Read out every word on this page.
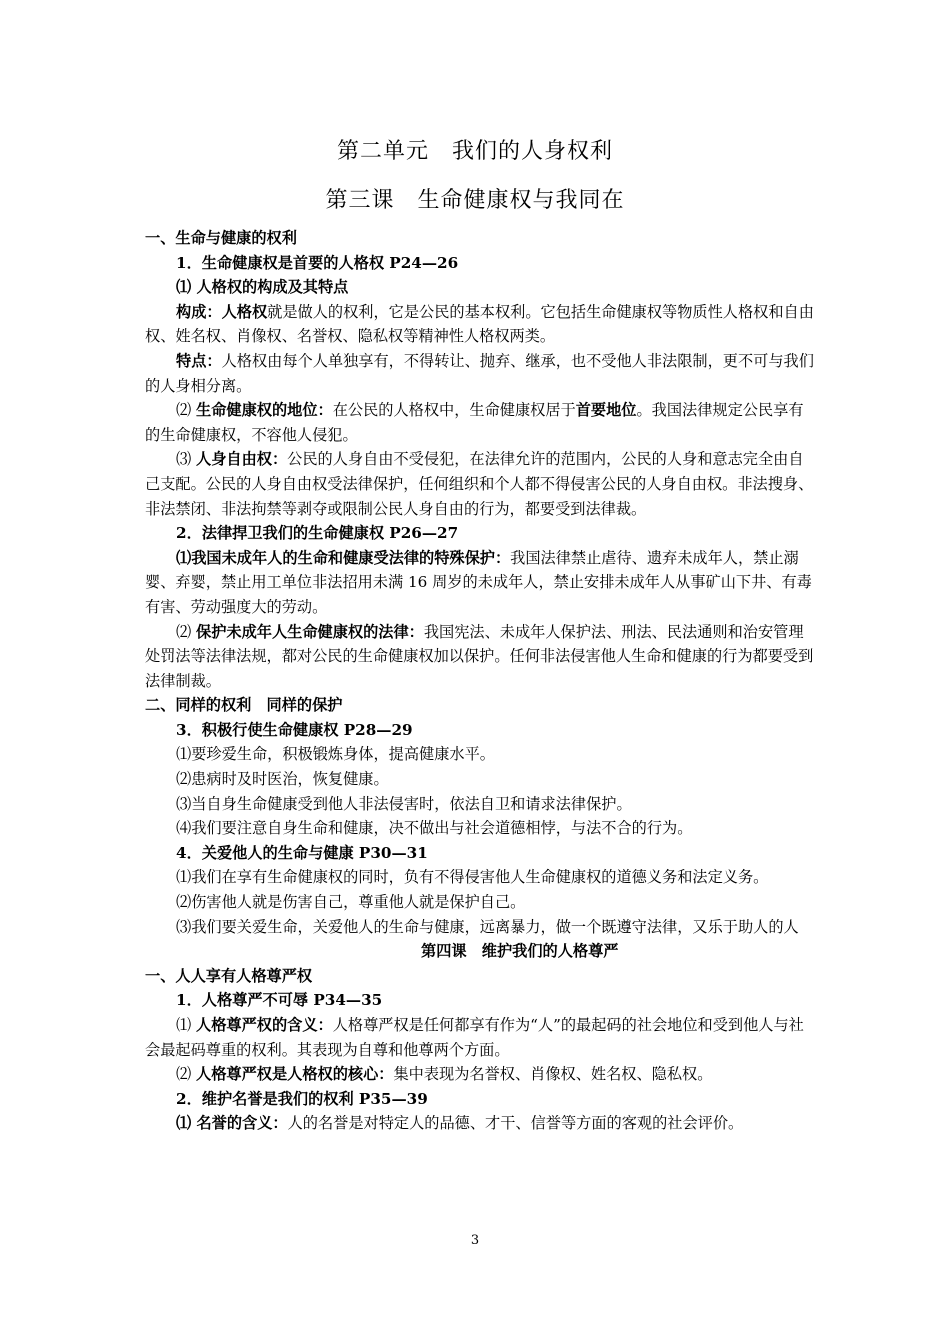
第二单元　我们的人身权利
第三课　生命健康权与我同在

一、生命与健康的权利

1．生命健康权是首要的人格权 P24—26

⑴ 人格权的构成及其特点

构成：人格权就是做人的权利，它是公民的基本权利。它包括生命健康权等物质性人格权和自由权、姓名权、肖像权、名誉权、隐私权等精神性人格权两类。

特点：人格权由每个人单独享有，不得转让、抛弃、继承，也不受他人非法限制，更不可与我们的人身相分离。

⑵ 生命健康权的地位：在公民的人格权中，生命健康权居于首要地位。我国法律规定公民享有的生命健康权，不容他人侵犯。

⑶ 人身自由权：公民的人身自由不受侵犯，在法律允许的范围内，公民的人身和意志完全由自己支配。公民的人身自由权受法律保护，任何组织和个人都不得侵害公民的人身自由权。非法搜身、非法禁闭、非法拘禁等剥夺或限制公民人身自由的行为，都要受到法律裁。

2．法律捍卫我们的生命健康权 P26—27

⑴我国未成年人的生命和健康受法律的特殊保护：我国法律禁止虐待、遗弃未成年人，禁止溺婴、弃婴，禁止用工单位非法招用未满 16 周岁的未成年人，禁止安排未成年人从事矿山下井、有毒有害、劳动强度大的劳动。

⑵ 保护未成年人生命健康权的法律：我国宪法、未成年人保护法、刑法、民法通则和治安管理处罚法等法律法规，都对公民的生命健康权加以保护。任何非法侵害他人生命和健康的行为都要受到法律制裁。

二、同样的权利　同样的保护

3．积极行使生命健康权 P28—29

⑴要珍爱生命，积极锻炼身体，提高健康水平。

⑵患病时及时医治，恢复健康。

⑶当自身生命健康受到他人非法侵害时，依法自卫和请求法律保护。

⑷我们要注意自身生命和健康，决不做出与社会道德相悖，与法不合的行为。

4．关爱他人的生命与健康 P30—31

⑴我们在享有生命健康权的同时，负有不得侵害他人生命健康权的道德义务和法定义务。

⑵伤害他人就是伤害自己，尊重他人就是保护自己。

⑶我们要关爱生命，关爱他人的生命与健康，远离暴力，做一个既遵守法律，又乐于助人的人

第四课　维护我们的人格尊严

一、人人享有人格尊严权

1．人格尊严不可辱 P34—35

⑴ 人格尊严权的含义：人格尊严权是任何都享有作为“人”的最起码的社会地位和受到他人与社会最起码尊重的权利。其表现为自尊和他尊两个方面。

⑵ 人格尊严权是人格权的核心：集中表现为名誉权、肖像权、姓名权、隐私权。

2．维护名誉是我们的权利 P35—39

⑴ 名誉的含义：人的名誉是对特定人的品德、才干、信誉等方面的客观的社会评价。

3
